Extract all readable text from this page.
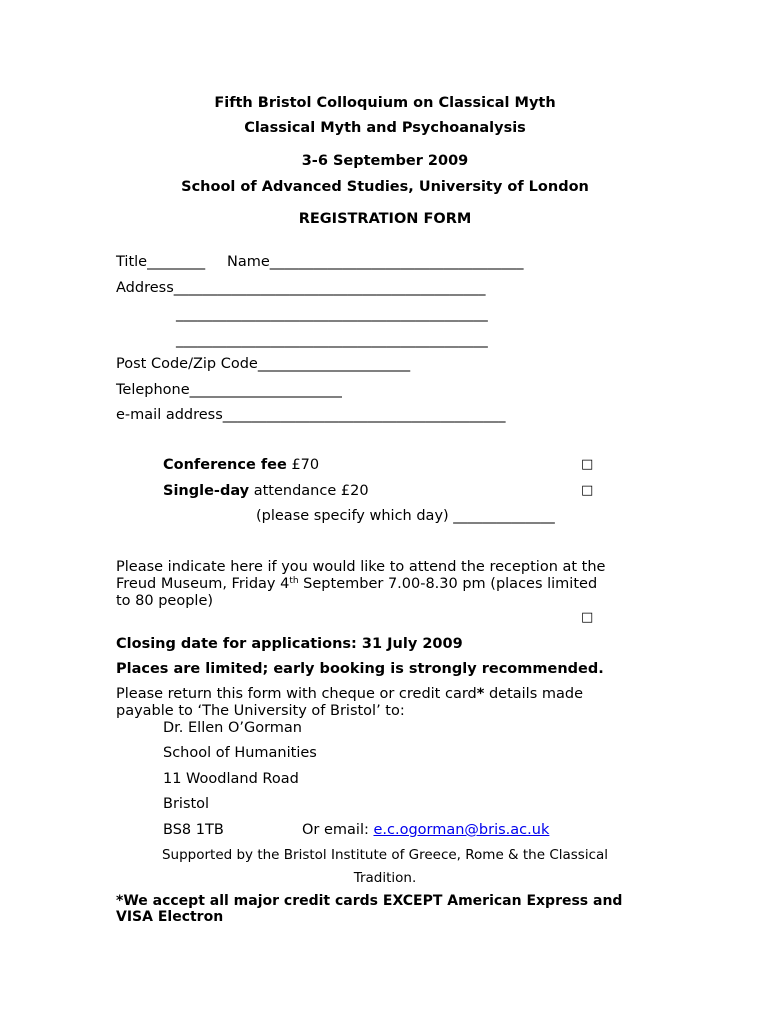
Fifth Bristol Colloquium on Classical Myth
Classical Myth and Psychoanalysis
3-6 September 2009
School of Advanced Studies, University of London
REGISTRATION FORM
Title________ Name___________________________________
Address___________________________________________
___________________________________________
___________________________________________
Post Code/Zip Code_____________________
Telephone_____________________
e-mail address_______________________________________
Conference fee £70	□
Single-day attendance £20	□
(please specify which day) ______________
Please indicate here if you would like to attend the reception at the
Freud Museum, Friday 4th September 7.00-8.30 pm (places limited
to 80 people)
□
Closing date for applications: 31 July 2009
Places are limited; early booking is strongly recommended.
Please return this form with cheque or credit card* details made
payable to ‘The University of Bristol’ to:
Dr. Ellen O’Gorman
School of Humanities
11 Woodland Road
Bristol
BS8 1TB	Or email: e.c.ogorman@bris.ac.uk
Supported by the Bristol Institute of Greece, Rome & the Classical
Tradition.
*We accept all major credit cards EXCEPT American Express and
VISA Electron
